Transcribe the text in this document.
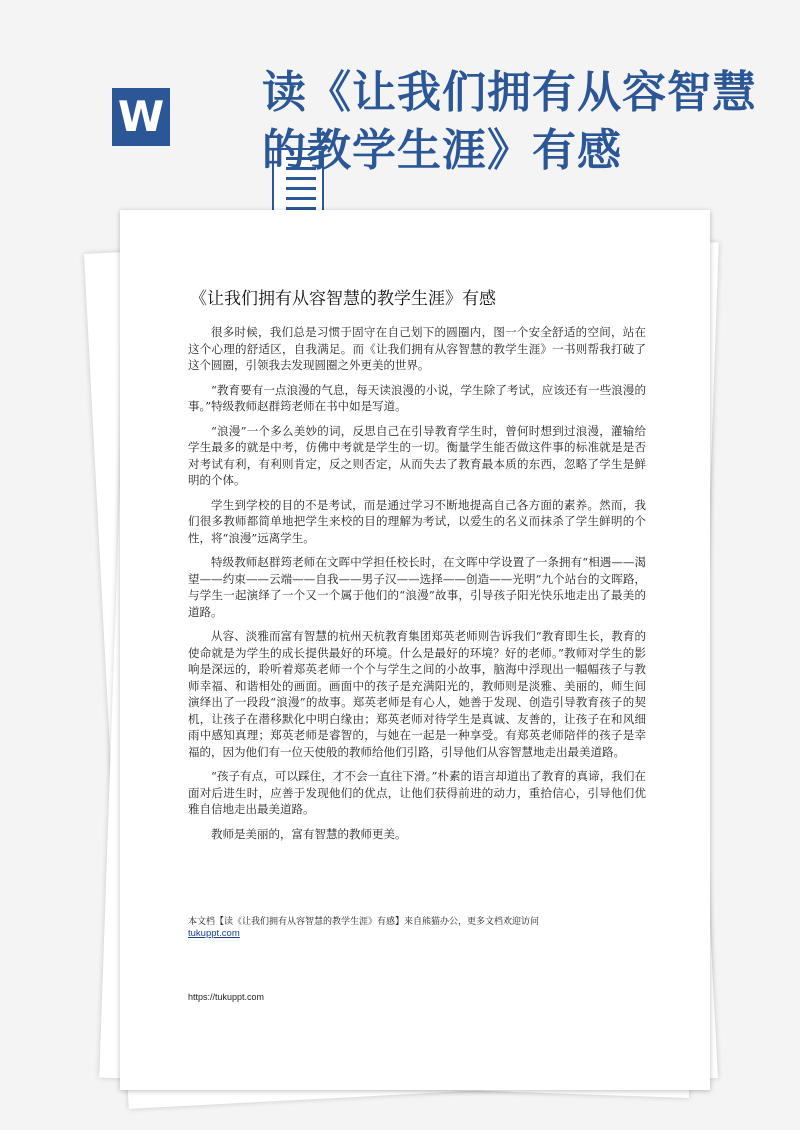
W 读《让我们拥有从容智慧的教学生涯》有感
《让我们拥有从容智慧的教学生涯》有感

很多时候，我们总是习惯于固守在自己划下的圆圈内，图一个安全舒适的空间，站在这个心理的舒适区，自我满足。而《让我们拥有从容智慧的教学生涯》一书则帮我打破了这个圆圈，引领我去发现圆圈之外更美的世界。

“教育要有一点浪漫的气息，每天读浪漫的小说，学生除了考试，应该还有一些浪漫的事。”特级教师赵群筠老师在书中如是写道。

“浪漫”一个多么美妙的词，反思自己在引导教育学生时，曾何时想到过浪漫，灌输给学生最多的就是中考，仿佛中考就是学生的一切。衡量学生能否做这件事的标准就是是否对考试有利，有利则肯定，反之则否定，从而失去了教育最本质的东西，忽略了学生是鲜明的个体。

学生到学校的目的不是考试，而是通过学习不断地提高自己各方面的素养。然而，我们很多教师都简单地把学生来校的目的理解为考试，以爱生的名义而抹杀了学生鲜明的个性，将“浪漫”远离学生。

特级教师赵群筠老师在文晖中学担任校长时，在文晖中学设置了一条拥有“相遇——渴望——约束——云端——自我——男子汉——选择——创造——光明”九个站台的文晖路，与学生一起演绎了一个又一个属于他们的“浪漫”故事，引导孩子阳光快乐地走出了最美的道路。

从容、淡雅而富有智慧的杭州天杭教育集团郑英老师则告诉我们“教育即生长，教育的使命就是为学生的成长提供最好的环境。什么是最好的环境？好的老师。”教师对学生的影响是深远的，聆听着郑英老师一个个与学生之间的小故事，脑海中浮现出一幅幅孩子与教师幸福、和谐相处的画面。画面中的孩子是充满阳光的，教师则是淡雅、美丽的，师生间演绎出了一段段“浪漫”的故事。郑英老师是有心人，她善于发现、创造引导教育孩子的契机，让孩子在潜移默化中明白缘由；郑英老师对待学生是真诚、友善的，让孩子在和风细雨中感知真理；郑英老师是睿智的，与她在一起是一种享受。有郑英老师陪伴的孩子是幸福的，因为他们有一位天使般的教师给他们引路，引导他们从容智慧地走出最美道路。

“孩子有点，可以踩住，才不会一直往下滑。”朴素的语言却道出了教育的真谛，我们在面对后进生时，应善于发现他们的优点，让他们获得前进的动力，重拾信心，引导他们优雅自信地走出最美道路。

教师是美丽的，富有智慧的教师更美。

本文档【读《让我们拥有从容智慧的教学生涯》有感】来自熊猫办公，更多文档欢迎访问
tukuppt.com
https://tukuppt.com
